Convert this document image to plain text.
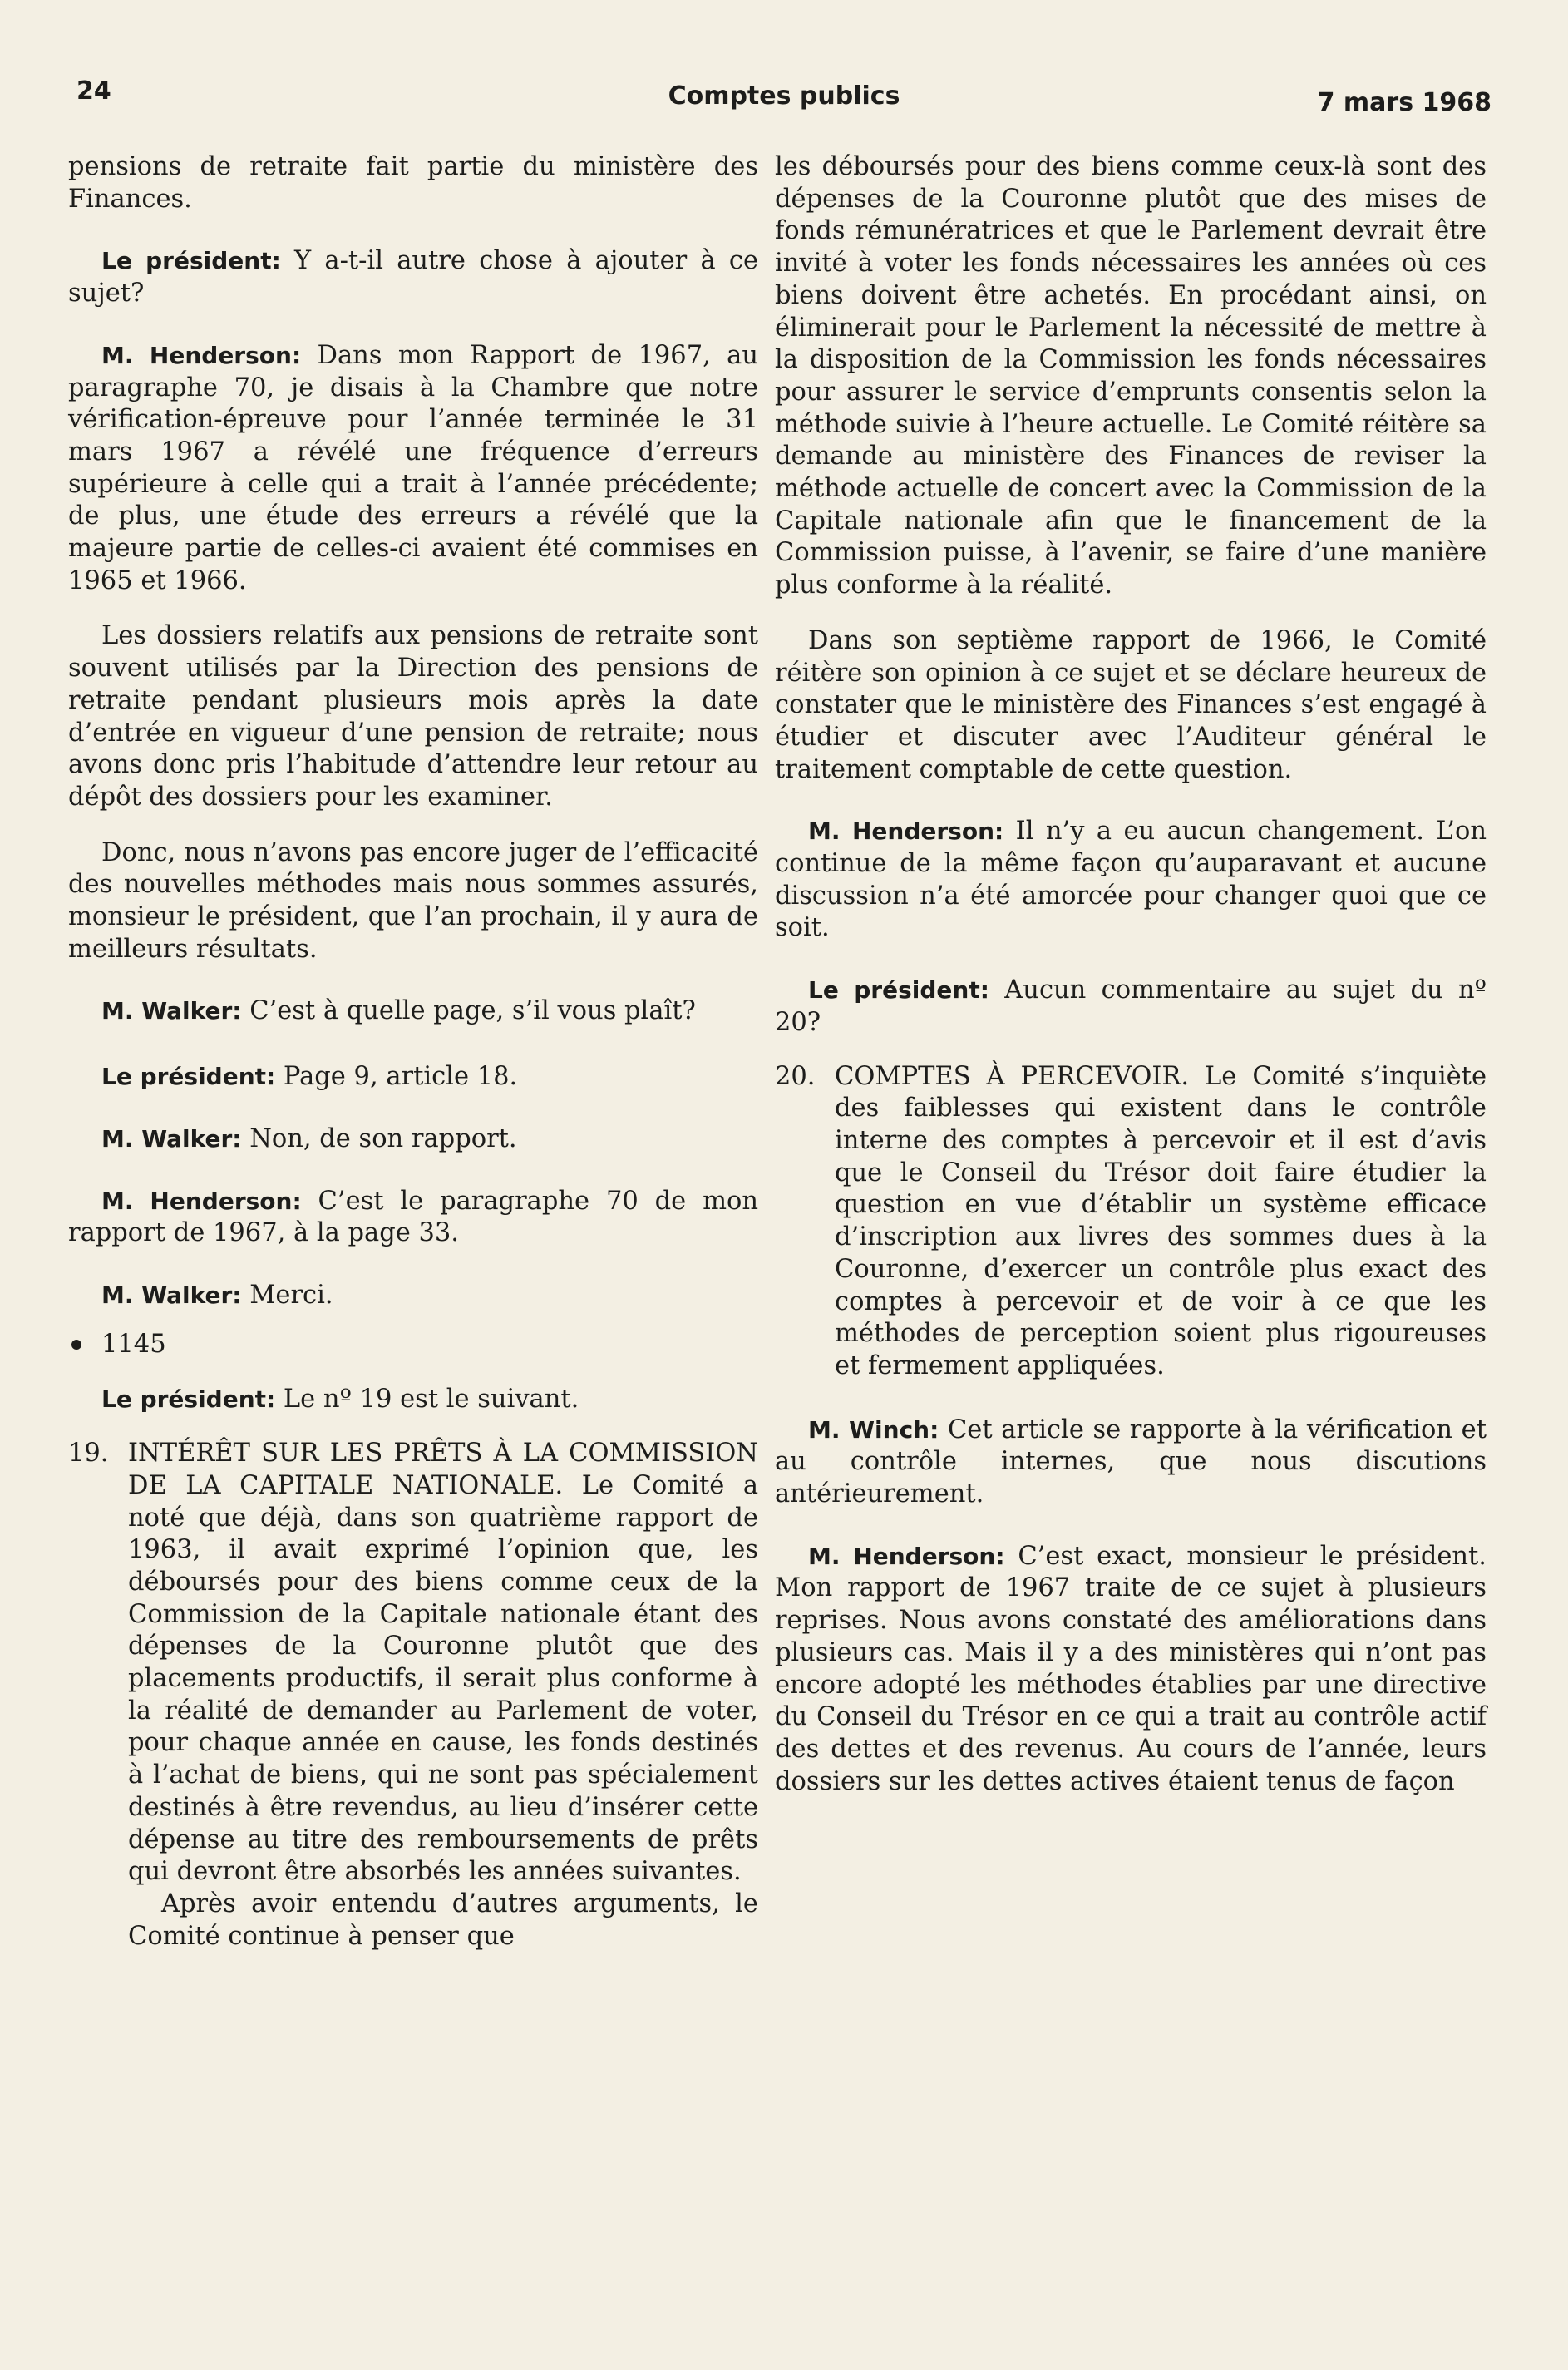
24	Comptes publics	7 mars 1968

pensions de retraite fait partie du ministère des Finances.

Le président: Y a-t-il autre chose à ajouter à ce sujet?

M. Henderson: Dans mon Rapport de 1967, au paragraphe 70, je disais à la Chambre que notre vérification-épreuve pour l’année terminée le 31 mars 1967 a révélé une fréquence d’erreurs supérieure à celle qui a trait à l’année précédente; de plus, une étude des erreurs a révélé que la majeure partie de celles-ci avaient été commises en 1965 et 1966.

Les dossiers relatifs aux pensions de retraite sont souvent utilisés par la Direction des pensions de retraite pendant plusieurs mois après la date d’entrée en vigueur d’une pension de retraite; nous avons donc pris l’habitude d’attendre leur retour au dépôt des dossiers pour les examiner.

Donc, nous n’avons pas encore juger de l’efficacité des nouvelles méthodes mais nous sommes assurés, monsieur le président, que l’an prochain, il y aura de meilleurs résultats.

M. Walker: C’est à quelle page, s’il vous plaît?

Le président: Page 9, article 18.

M. Walker: Non, de son rapport.

M. Henderson: C’est le paragraphe 70 de mon rapport de 1967, à la page 33.

M. Walker: Merci.

1145

Le président: Le nº 19 est le suivant.

19. INTÉRÊT SUR LES PRÊTS À LA COMMISSION DE LA CAPITALE NATIONALE. Le Comité a noté que déjà, dans son quatrième rapport de 1963, il avait exprimé l’opinion que, les déboursés pour des biens comme ceux de la Commission de la Capitale nationale étant des dépenses de la Couronne plutôt que des placements productifs, il serait plus conforme à la réalité de demander au Parlement de voter, pour chaque année en cause, les fonds destinés à l’achat de biens, qui ne sont pas spécialement destinés à être revendus, au lieu d’insérer cette dépense au titre des remboursements de prêts qui devront être absorbés les années suivantes.

Après avoir entendu d’autres arguments, le Comité continue à penser que

les déboursés pour des biens comme ceux-là sont des dépenses de la Couronne plutôt que des mises de fonds rémunératrices et que le Parlement devrait être invité à voter les fonds nécessaires les années où ces biens doivent être achetés. En procédant ainsi, on éliminerait pour le Parlement la nécessité de mettre à la disposition de la Commission les fonds nécessaires pour assurer le service d’emprunts consentis selon la méthode suivie à l’heure actuelle. Le Comité réitère sa demande au ministère des Finances de reviser la méthode actuelle de concert avec la Commission de la Capitale nationale afin que le financement de la Commission puisse, à l’avenir, se faire d’une manière plus conforme à la réalité.

Dans son septième rapport de 1966, le Comité réitère son opinion à ce sujet et se déclare heureux de constater que le ministère des Finances s’est engagé à étudier et discuter avec l’Auditeur général le traitement comptable de cette question.

M. Henderson: Il n’y a eu aucun changement. L’on continue de la même façon qu’auparavant et aucune discussion n’a été amorcée pour changer quoi que ce soit.

Le président: Aucun commentaire au sujet du nº 20?

20. COMPTES À PERCEVOIR. Le Comité s’inquiète des faiblesses qui existent dans le contrôle interne des comptes à percevoir et il est d’avis que le Conseil du Trésor doit faire étudier la question en vue d’établir un système efficace d’inscription aux livres des sommes dues à la Couronne, d’exercer un contrôle plus exact des comptes à percevoir et de voir à ce que les méthodes de perception soient plus rigoureuses et fermement appliquées.

M. Winch: Cet article se rapporte à la vérification et au contrôle internes, que nous discutions antérieurement.

M. Henderson: C’est exact, monsieur le président. Mon rapport de 1967 traite de ce sujet à plusieurs reprises. Nous avons constaté des améliorations dans plusieurs cas. Mais il y a des ministères qui n’ont pas encore adopté les méthodes établies par une directive du Conseil du Trésor en ce qui a trait au contrôle actif des dettes et des revenus. Au cours de l’année, leurs dossiers sur les dettes actives étaient tenus de façon
